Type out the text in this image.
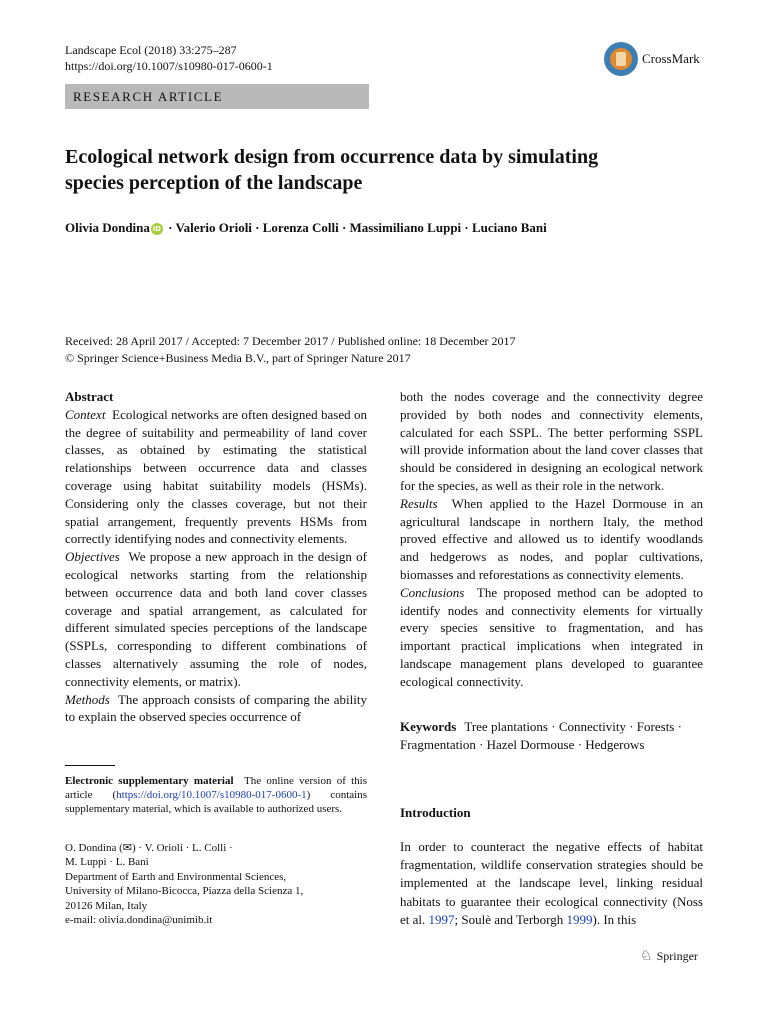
Landscape Ecol (2018) 33:275–287
https://doi.org/10.1007/s10980-017-0600-1	CrossMark
RESEARCH ARTICLE
Ecological network design from occurrence data by simulating species perception of the landscape
Olivia Dondina iD · Valerio Orioli · Lorenza Colli · Massimiliano Luppi · Luciano Bani
Received: 28 April 2017 / Accepted: 7 December 2017 / Published online: 18 December 2017
© Springer Science+Business Media B.V., part of Springer Nature 2017
Abstract

Context Ecological networks are often designed based on the degree of suitability and permeability of land cover classes, as obtained by estimating the statistical relationships between occurrence data and classes coverage using habitat suitability models (HSMs). Considering only the classes coverage, but not their spatial arrangement, frequently prevents HSMs from correctly identifying nodes and connectivity elements.

Objectives We propose a new approach in the design of ecological networks starting from the relationship between occurrence data and both land cover classes coverage and spatial arrangement, as calculated for different simulated species perceptions of the landscape (SSPLs, corresponding to different combinations of classes alternatively assuming the role of nodes, connectivity elements, or matrix).

Methods The approach consists of comparing the ability to explain the observed species occurrence of

both the nodes coverage and the connectivity degree provided by both nodes and connectivity elements, calculated for each SSPL. The better performing SSPL will provide information about the land cover classes that should be considered in designing an ecological network for the species, as well as their role in the network.

Results When applied to the Hazel Dormouse in an agricultural landscape in northern Italy, the method proved effective and allowed us to identify woodlands and hedgerows as nodes, and poplar cultivations, biomasses and reforestations as connectivity elements.

Conclusions The proposed method can be adopted to identify nodes and connectivity elements for virtually every species sensitive to fragmentation, and has important practical implications when integrated in landscape management plans developed to guarantee ecological connectivity.

Keywords Tree plantations · Connectivity · Forests · Fragmentation · Hazel Dormouse · Hedgerows
Electronic supplementary material The online version of this article (https://doi.org/10.1007/s10980-017-0600-1) contains supplementary material, which is available to authorized users.
O. Dondina (✉) · V. Orioli · L. Colli ·
M. Luppi · L. Bani
Department of Earth and Environmental Sciences,
University of Milano-Bicocca, Piazza della Scienza 1,
20126 Milan, Italy
e-mail: olivia.dondina@unimib.it
Introduction

In order to counteract the negative effects of habitat fragmentation, wildlife conservation strategies should be implemented at the landscape level, linking residual habitats to guarantee their ecological connectivity (Noss et al. 1997; Soulè and Terborgh 1999). In this

♘ Springer
